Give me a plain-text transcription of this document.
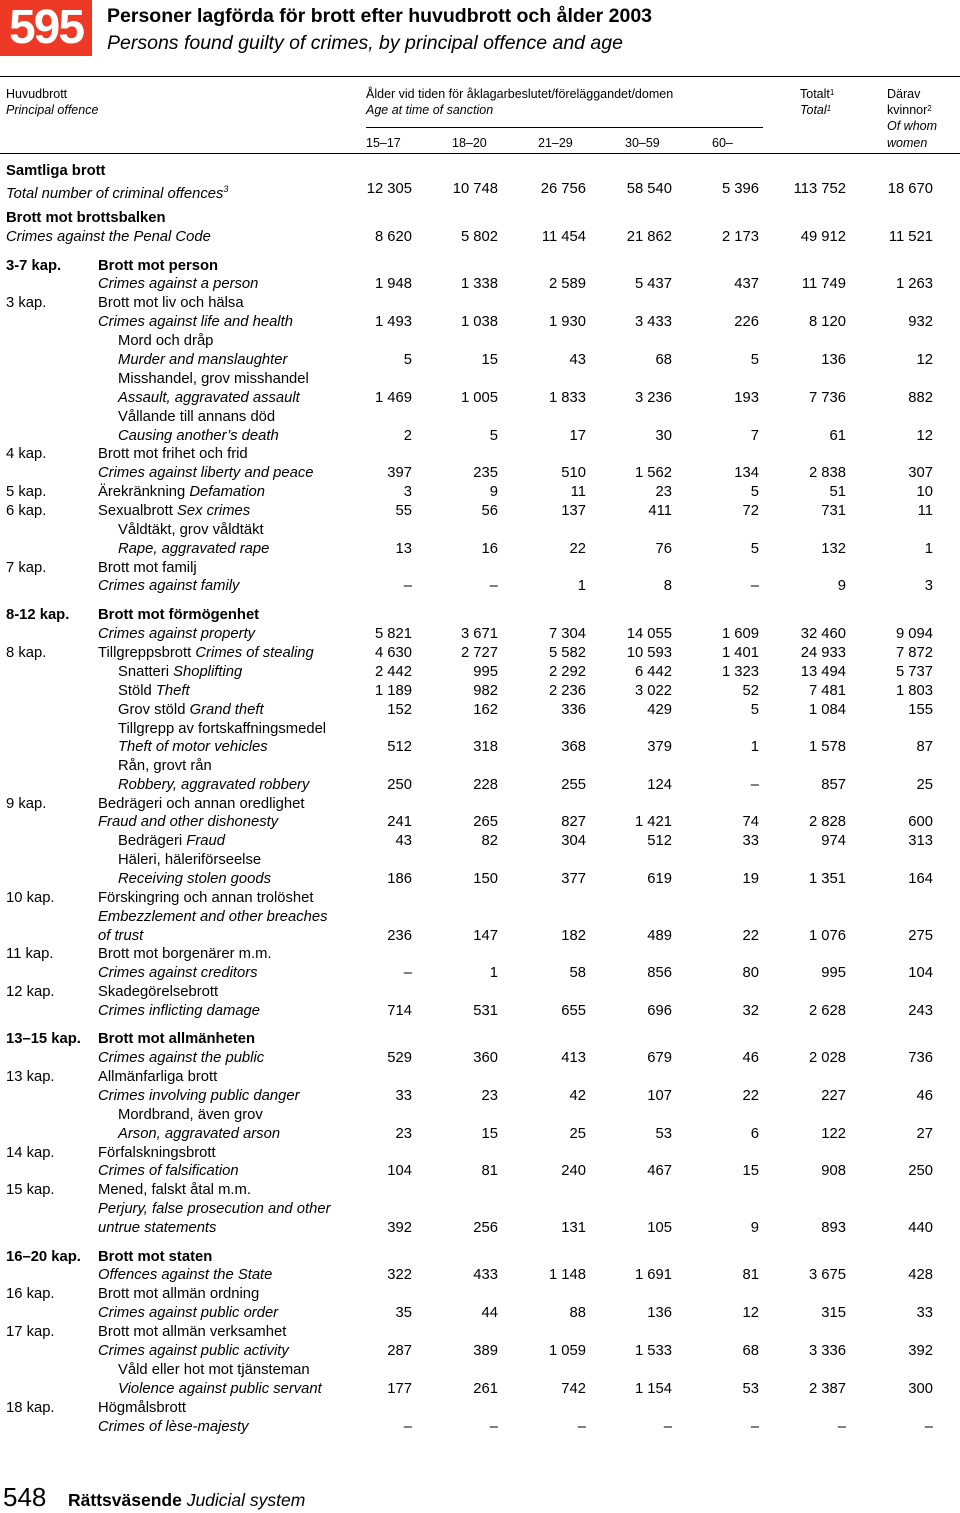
595	Personer lagförda för brott efter huvudbrott och ålder 2003
Persons found guilty of crimes, by principal offence and age
Huvudbrott
Principal offence
Ålder vid tiden för åklagarbeslutet/föreläggandet/domen
Age at time of sanction
Totalt$^1$
Total$^1$
Därav
kvinnor$^2$
Of whom
women
15–17	18–20	21–29	30–59	60–
Samtliga brott
Total number of criminal offences$^3$	12 305	10 748	26 756	58 540	5 396	113 752	18 670
Brott mot brottsbalken
Crimes against the Penal Code	8 620	5 802	11 454	21 862	2 173	49 912	11 521
3-7 kap. Brott mot person
Crimes against a person	1 948	1 338	2 589	5 437	437	11 749	1 263
3 kap.	Brott mot liv och hälsa
Crimes against life and health	1 493	1 038	1 930	3 433	226	8 120	932
Mord och dråp
Murder and manslaughter	5	15	43	68	5	136	12
Misshandel, grov misshandel
Assault, aggravated assault	1 469	1 005	1 833	3 236	193	7 736	882
Vållande till annans död
Causing another’s death	2	5	17	30	7	61	12
4 kap.	Brott mot frihet och frid
Crimes against liberty and peace	397	235	510	1 562	134	2 838	307
5 kap.	Ärekränkning Defamation	3	9	11	23	5	51	10
6 kap.	Sexualbrott Sex crimes	55	56	137	411	72	731	11
Våldtäkt, grov våldtäkt
Rape, aggravated rape	13	16	22	76	5	132	1
7 kap.	Brott mot familj
Crimes against family	–	–	1	8	–	9	3
8-12 kap. Brott mot förmögenhet
Crimes against property	5 821	3 671	7 304	14 055	1 609	32 460	9 094
8 kap.	Tillgreppsbrott Crimes of stealing	4 630	2 727	5 582	10 593	1 401	24 933	7 872
Snatteri Shoplifting	2 442	995	2 292	6 442	1 323	13 494	5 737
Stöld Theft	1 189	982	2 236	3 022	52	7 481	1 803
Grov stöld Grand theft	152	162	336	429	5	1 084	155
Tillgrepp av fortskaffningsmedel
Theft of motor vehicles	512	318	368	379	1	1 578	87
Rån, grovt rån
Robbery, aggravated robbery	250	228	255	124	–	857	25
9 kap.	Bedrägeri och annan oredlighet
Fraud and other dishonesty	241	265	827	1 421	74	2 828	600
Bedrägeri Fraud	43	82	304	512	33	974	313
Häleri, häleriförseelse
Receiving stolen goods	186	150	377	619	19	1 351	164
10 kap.	Förskingring och annan trolöshet
Embezzlement and other breaches
of trust	236	147	182	489	22	1 076	275
11 kap.	Brott mot borgenärer m.m.
Crimes against creditors	–	1	58	856	80	995	104
12 kap.	Skadegörelsebrott
Crimes inflicting damage	714	531	655	696	32	2 628	243
13–15 kap. Brott mot allmänheten
Crimes against the public	529	360	413	679	46	2 028	736
13 kap.	Allmänfarliga brott
Crimes involving public danger	33	23	42	107	22	227	46
Mordbrand, även grov
Arson, aggravated arson	23	15	25	53	6	122	27
14 kap.	Förfalskningsbrott
Crimes of falsification	104	81	240	467	15	908	250
15 kap.	Mened, falskt åtal m.m.
Perjury, false prosecution and other
untrue statements	392	256	131	105	9	893	440
16–20 kap. Brott mot staten
Offences against the State	322	433	1 148	1 691	81	3 675	428
16 kap.	Brott mot allmän ordning
Crimes against public order	35	44	88	136	12	315	33
17 kap.	Brott mot allmän verksamhet
Crimes against public activity	287	389	1 059	1 533	68	3 336	392
Våld eller hot mot tjänsteman
Violence against public servant	177	261	742	1 154	53	2 387	300
18 kap.	Högmålsbrott
Crimes of lèse-majesty	–	–	–	–	–	–	–
548 Rättsväsende Judicial system
